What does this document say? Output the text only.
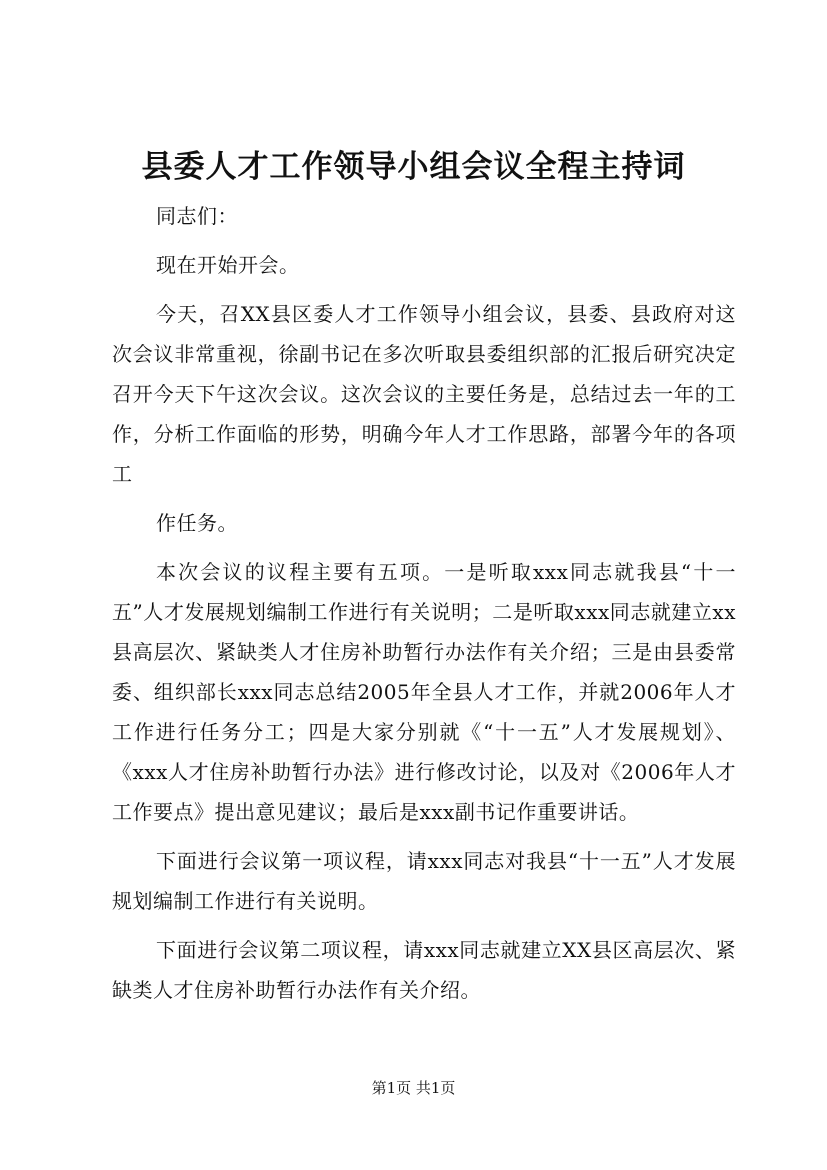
县委人才工作领导小组会议全程主持词

同志们：

现在开始开会。

今天，召XX县区委人才工作领导小组会议，县委、县政府对这次会议非常重视，徐副书记在多次听取县委组织部的汇报后研究决定召开今天下午这次会议。这次会议的主要任务是，总结过去一年的工作，分析工作面临的形势，明确今年人才工作思路，部署今年的各项工

作任务。

本次会议的议程主要有五项。一是听取xxx同志就我县“十一五”人才发展规划编制工作进行有关说明；二是听取xxx同志就建立xx县高层次、紧缺类人才住房补助暂行办法作有关介绍；三是由县委常委、组织部长xxx同志总结2005年全县人才工作，并就2006年人才工作进行任务分工；四是大家分别就《“十一五”人才发展规划》、《xxx人才住房补助暂行办法》进行修改讨论，以及对《2006年人才工作要点》提出意见建议；最后是xxx副书记作重要讲话。

下面进行会议第一项议程，请xxx同志对我县“十一五”人才发展规划编制工作进行有关说明。

下面进行会议第二项议程，请xxx同志就建立XX县区高层次、紧缺类人才住房补助暂行办法作有关介绍。

第1页 共1页
